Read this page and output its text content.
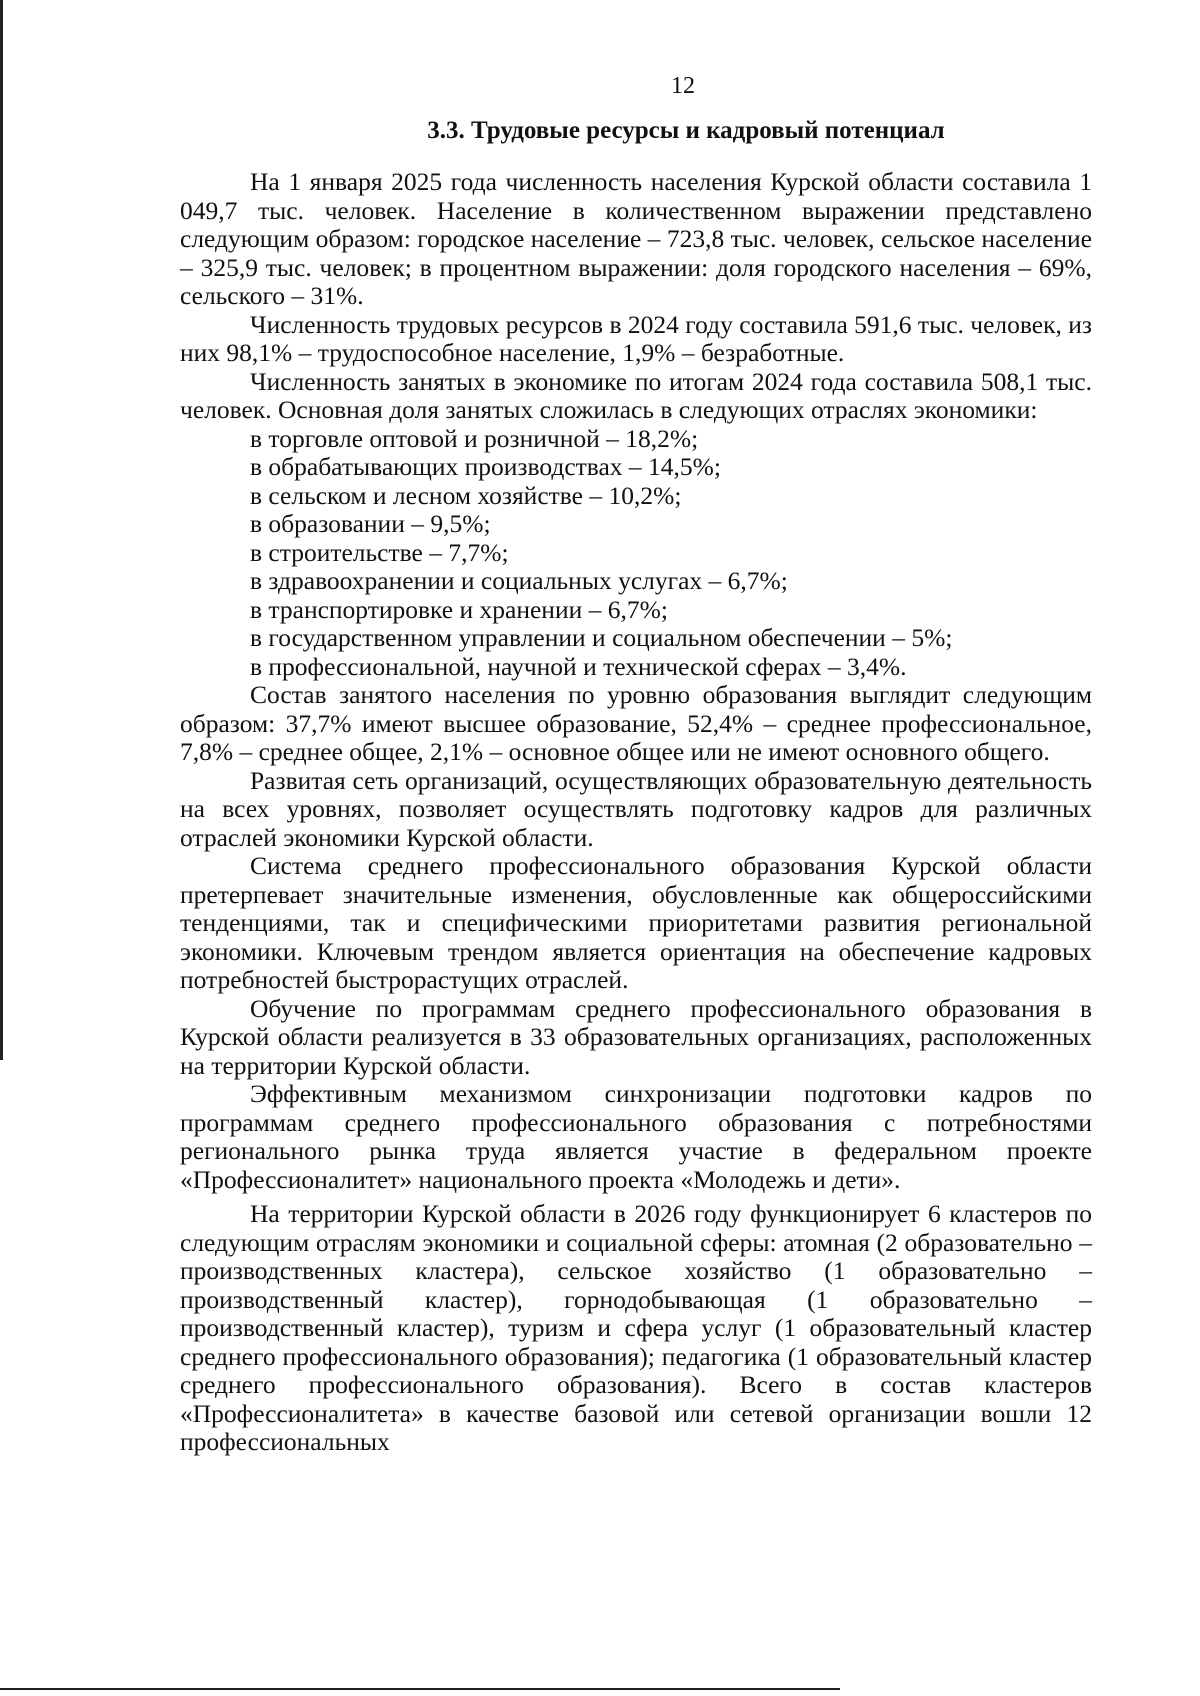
12
3.3. Трудовые ресурсы и кадровый потенциал

На 1 января 2025 года численность населения Курской области составила 1 049,7 тыс. человек. Население в количественном выражении представлено следующим образом: городское население – 723,8 тыс. человек, сельское население – 325,9 тыс. человек; в процентном выражении: доля городского населения – 69%, сельского – 31%.

Численность трудовых ресурсов в 2024 году составила 591,6 тыс. человек, из них 98,1% – трудоспособное население, 1,9% – безработные.

Численность занятых в экономике по итогам 2024 года составила 508,1 тыс. человек. Основная доля занятых сложилась в следующих отраслях экономики:

в торговле оптовой и розничной – 18,2%;

в обрабатывающих производствах – 14,5%;

в сельском и лесном хозяйстве – 10,2%;

в образовании – 9,5%;

в строительстве – 7,7%;

в здравоохранении и социальных услугах – 6,7%;

в транспортировке и хранении – 6,7%;

в государственном управлении и социальном обеспечении – 5%;

в профессиональной, научной и технической сферах – 3,4%.

Состав занятого населения по уровню образования выглядит следующим образом: 37,7% имеют высшее образование, 52,4% – среднее профессиональное, 7,8% – среднее общее, 2,1% – основное общее или не имеют основного общего.

Развитая сеть организаций, осуществляющих образовательную деятельность на всех уровнях, позволяет осуществлять подготовку кадров для различных отраслей экономики Курской области.

Система среднего профессионального образования Курской области претерпевает значительные изменения, обусловленные как общероссийскими тенденциями, так и специфическими приоритетами развития региональной экономики. Ключевым трендом является ориентация на обеспечение кадровых потребностей быстрорастущих отраслей.

Обучение по программам среднего профессионального образования в Курской области реализуется в 33 образовательных организациях, расположенных на территории Курской области.

Эффективным механизмом синхронизации подготовки кадров по программам среднего профессионального образования с потребностями регионального рынка труда является участие в федеральном проекте «Профессионалитет» национального проекта «Молодежь и дети».

На территории Курской области в 2026 году функционирует 6 кластеров по следующим отраслям экономики и социальной сферы: атомная (2 образовательно – производственных кластера), сельское хозяйство (1 образовательно – производственный кластер), горнодобывающая (1 образовательно – производственный кластер), туризм и сфера услуг (1 образовательный кластер среднего профессионального образования); педагогика (1 образовательный кластер среднего профессионального образования). Всего в состав кластеров «Профессионалитета» в качестве базовой или сетевой организации вошли 12 профессиональных
